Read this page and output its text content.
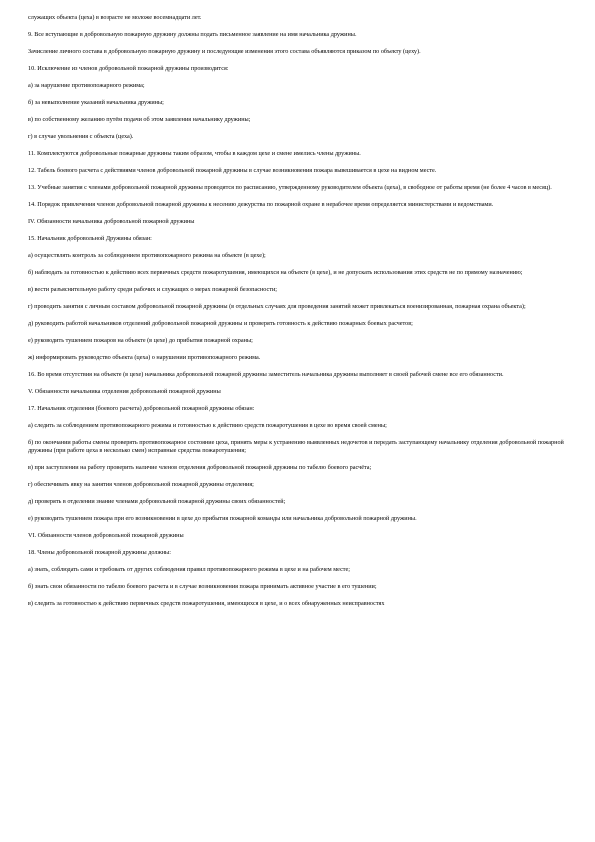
служащих объекта (цеха) в возрасте не моложе восемнадцати лет.

9. Все вступающие в добровольную пожарную дружину должны подать письменное заявление на имя начальника дружины.

Зачисление личного состава в добровольную пожарную дружину и последующие изменения этого состава объявляются приказом по объекту (цеху).

10. Исключение из членов добровольной пожарной дружины производится:

а) за нарушение противопожарного режима;

б) за невыполнение указаний начальника дружины;

в) по собственному желанию путём подачи об этом заявления начальнику дружины;

г) в случае увольнения с объекта (цеха).

11. Комплектуются добровольные пожарные дружины таким образом, чтобы в каждом цехе и смене имелись члены дружины.

12. Табель боевого расчета с действиями членов добровольной пожарной дружины в случае возникновения пожара вывешивается в цехе на видном месте.

13. Учебные занятия с членами добровольной пожарной дружины проводятся по расписанию, утвержденному руководителем объекта (цеха), в свободное от работы время (не более 4 часов в месяц).

14. Порядок привлечения членов добровольной пожарной дружины к несению дежурства по пожарной охране в нерабочее время определяется министерствами и ведомствами.

IV. Обязанности начальника добровольной пожарной дружины

15. Начальник добровольной Дружины обязан:

а) осуществлять контроль за соблюдением противопожарного режима на объекте (в цехе);

б) наблюдать за готовностью к действию всех первичных средств пожаротушения, имеющихся на объекте (в цехе), и не допускать использования этих средств не по прямому назначению;

в) вести разъяснительную работу среди рабочих и служащих о мерах пожарной безопасности;

г) проводить занятия с личным составом добровольной пожарной дружины (в отдельных случаях для проведения занятий может привлекаться военизированная, пожарная охрана объекта);

д) руководить работой начальников отделений добровольной пожарной дружины и проверять готовность к действию пожарных боевых расчетов;

е) руководить тушением пожаров на объекте (в цехе) до прибытия пожарной охраны;

ж) информировать руководство объекта (цеха) о нарушении противопожарного режима.

16. Во время отсутствия на объекте (в цехе) начальника добровольной пожарной дружины заместитель начальника дружины выполняет в своей рабочей смене все его обязанности.

V. Обязанности начальника отделения добровольной пожарной дружины

17. Начальник отделения (боевого расчета) добровольной пожарной дружины обязан:

а) следить за соблюдением противопожарного режима и готовностью к действию средств пожаротушения в цехе во время своей смены;

б) по окончании работы смены проверять противопожарное состояние цеха, принять меры к устранению выявленных недочетов и передать заступающему начальнику отделения добровольной пожарной дружины (при работе цеха в несколько смен) исправные средства пожаротушения;

в) при заступлении на работу проверить наличие членов отделения добровольной пожарной дружины по табелю боевого расчёта;

г) обеспечивать явку на занятия членов добровольной пожарной дружины отделения;

д) проверять в отделении знание членами добровольной пожарной дружины своих обязанностей;

е) руководить тушением пожара при его возникновении в цехе до прибытия пожарной команды или начальника добровольной пожарной дружины.

VI. Обязанности членов добровольной пожарной дружины

18. Члены добровольной пожарной дружины должны:

а) знать, соблюдать сами и требовать от других соблюдения правил противопожарного режима в цехе и на рабочем месте;

б) знать свои обязанности по табелю боевого расчета и в случае возникновения пожара принимать активное участие в его тушении;

в) следить за готовностью к действию первичных средств пожаротушения, имеющихся в цехе, и о всех обнаруженных неисправностях
